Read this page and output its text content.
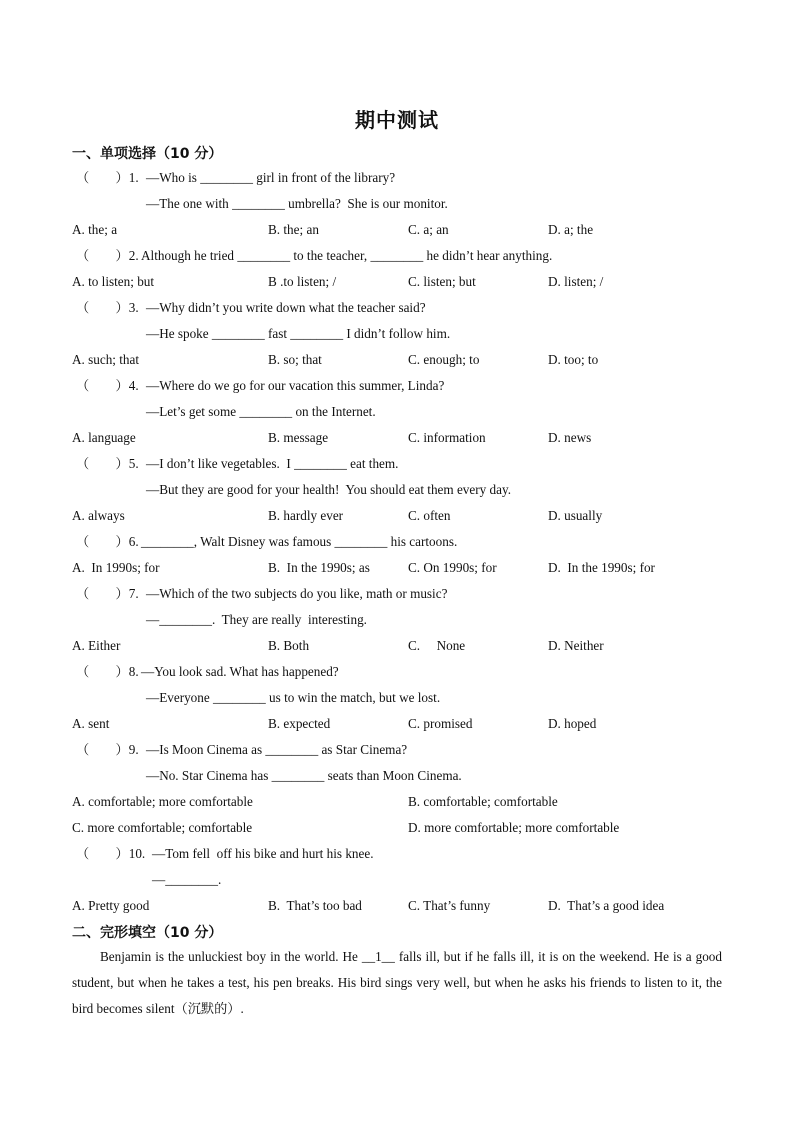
期中测试
一、单项选择（10 分）
（        ）1. —Who is ________ girl in front of the library?
—The one with ________ umbrella?  She is our monitor.
A. the; a	B. the; an	C. a; an	D. a; the
（        ）2. Although he tried ________ to the teacher, ________ he didn’t hear anything.
A. to listen; but	B .to listen; /	C. listen; but	D. listen; /
（        ）3. —Why didn’t you write down what the teacher said?
—He spoke ________ fast ________ I didn’t follow him.
A. such; that	B. so; that	C. enough; to	D. too; to
（        ）4. —Where do we go for our vacation this summer, Linda?
—Let’s get some ________ on the Internet.
A. language	B. message	C. information	D. news
（        ）5. —I don’t like vegetables.  I ________ eat them.
—But they are good for your health!  You should eat them every day.
A. always	B. hardly ever	C. often	D. usually
（        ）6. ________, Walt Disney was famous ________ his cartoons.
A.  In 1990s; for	B.  In the 1990s; as	C. On 1990s; for	D.  In the 1990s; for
（        ）7. —Which of the two subjects do you like, math or music?
—________.  They are really  interesting.
A. Either	B. Both	C.     None	D. Neither
（        ）8. —You look sad. What has happened?
—Everyone ________ us to win the match, but we lost.
A. sent	B. expected	C. promised	D. hoped
（        ）9. —Is Moon Cinema as ________ as Star Cinema?
—No. Star Cinema has ________ seats than Moon Cinema.
A. comfortable; more comfortable	B. comfortable; comfortable
C. more comfortable; comfortable	D. more comfortable; more comfortable
（        ）10. —Tom fell  off his bike and hurt his knee.
—________.
A. Pretty good	B.  That’s too bad	C. That’s funny	D.  That’s a good idea
二、完形填空（10 分）
Benjamin is the unluckiest boy in the world. He __1__ falls ill, but if he falls ill, it is on the weekend. He is a good student, but when he takes a test, his pen breaks. His bird sings very well, but when he asks his friends to listen to it, the bird becomes silent（沉默的）.
